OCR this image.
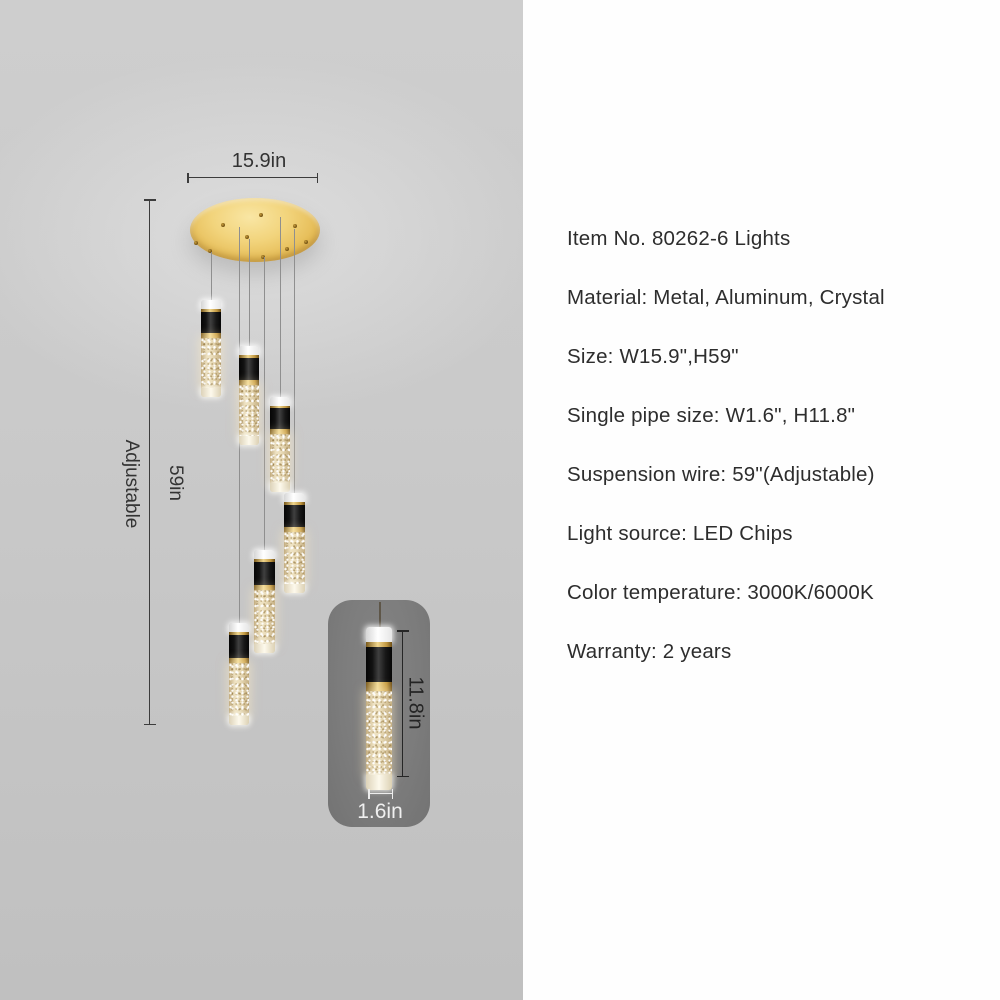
15.9in
Adjustable 59in
11.8in
1.6in
Item No. 80262-6 Lights
Material: Metal, Aluminum, Crystal
Size: W15.9",H59"
Single pipe size: W1.6", H11.8"
Suspension wire: 59"(Adjustable)
Light source: LED Chips
Color temperature: 3000K/6000K
Warranty: 2 years
